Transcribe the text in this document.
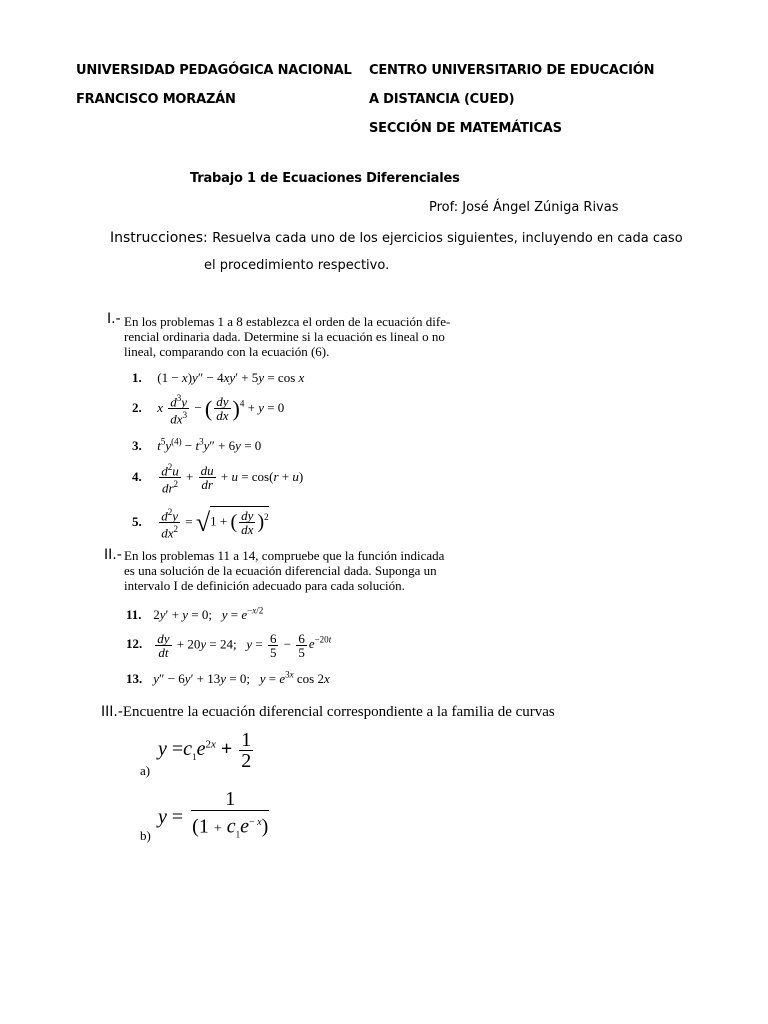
UNIVERSIDAD PEDAGÓGICA NACIONAL
FRANCISCO MORAZÁN
CENTRO UNIVERSITARIO DE EDUCACIÓN
A DISTANCIA (CUED)
SECCIÓN DE MATEMÁTICAS
Trabajo 1 de Ecuaciones Diferenciales
Prof: José Ángel Zúniga Rivas
Instrucciones: Resuelva cada uno de los ejercicios siguientes, incluyendo en cada caso
el procedimiento respectivo.
I.- En los problemas 1 a 8 establezca el orden de la ecuación dife-
rencial ordinaria dada. Determine si la ecuación es lineal o no
lineal, comparando con la ecuación (6).
1. (1 − x)y″ − 4xy′ + 5y = cos x
2. x $\frac{d^3y}{dx^3}$ − ( $\frac{dy}{dx} )^4 + y = 0$
3. $t^5y^{(4)} - t^3y'' + 6y = 0$
4. $\frac{d^2u}{dr^2} + \frac{du}{dr} + u = \cos(r + u)$
5. $\frac{d^2y}{dx^2} = √1$ + ( $\frac{dy}{dx} )^2$
II.- En los problemas 11 a 14, compruebe que la función indicada
es una solución de la ecuación diferencial dada. Suponga un
intervalo I de definición adecuado para cada solución.
11. 2y′ + y = 0;   $y = e^{-x/2}$
12. $\frac{dy}{dt} + 20y = 24$;   $y = \frac{6}{5} - \frac{6}{5} e^{-20t}$
13. y″ − 6y′ + 13y = 0;   $y = e^{3x}$ cos 2x
III.-Encuentre la ecuación diferencial correspondiente a la familia de curvas
a)
$y =c_1e^{2x} + \frac{1}{2}$
b)
$y = \frac{1}{(1 + c_1e^{- x})}$
